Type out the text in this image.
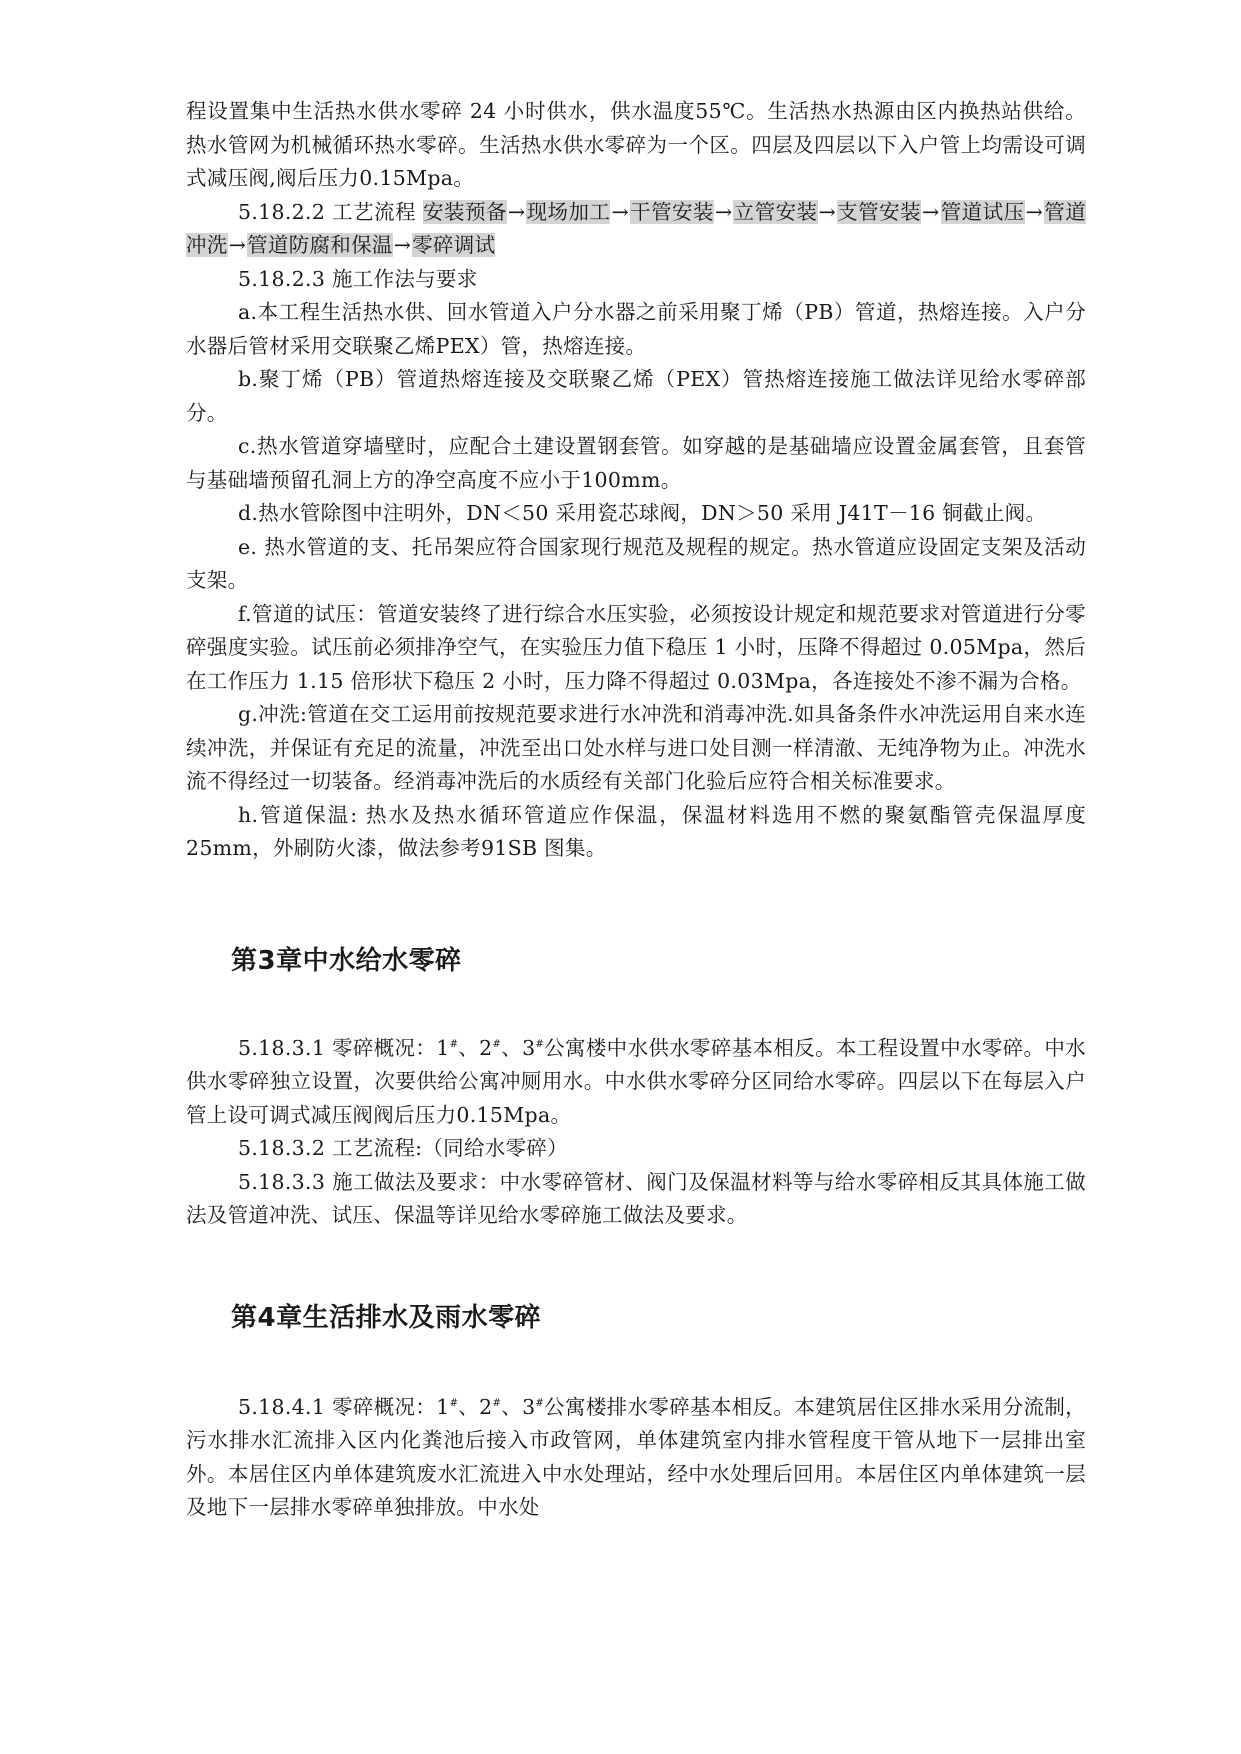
程设置集中生活热水供水零碎 24 小时供水，供水温度55℃。生活热水热源由区内换热站供给。热水管网为机械循环热水零碎。生活热水供水零碎为一个区。四层及四层以下入户管上均需设可调式减压阀,阀后压力0.15Mpa。

5.18.2.2 工艺流程 安装预备→现场加工→干管安装→立管安装→支管安装→管道试压→管道冲洗→管道防腐和保温→零碎调试

5.18.2.3 施工作法与要求

a.本工程生活热水供、回水管道入户分水器之前采用聚丁烯（PB）管道，热熔连接。入户分水器后管材采用交联聚乙烯PEX）管，热熔连接。

b.聚丁烯（PB）管道热熔连接及交联聚乙烯（PEX）管热熔连接施工做法详见给水零碎部分。

c.热水管道穿墙壁时，应配合土建设置钢套管。如穿越的是基础墙应设置金属套管，且套管与基础墙预留孔洞上方的净空高度不应小于100mm。

d.热水管除图中注明外，DN＜50 采用瓷芯球阀，DN＞50 采用 J41T－16 铜截止阀。

e. 热水管道的支、托吊架应符合国家现行规范及规程的规定。热水管道应设固定支架及活动支架。

f.管道的试压：管道安装终了进行综合水压实验，必须按设计规定和规范要求对管道进行分零碎强度实验。试压前必须排净空气，在实验压力值下稳压 1 小时，压降不得超过 0.05Mpa，然后在工作压力 1.15 倍形状下稳压 2 小时，压力降不得超过 0.03Mpa，各连接处不渗不漏为合格。

g.冲洗:管道在交工运用前按规范要求进行水冲洗和消毒冲洗.如具备条件水冲洗运用自来水连续冲洗，并保证有充足的流量，冲洗至出口处水样与进口处目测一样清澈、无纯净物为止。冲洗水流不得经过一切装备。经消毒冲洗后的水质经有关部门化验后应符合相关标准要求。

h.管道保温: 热水及热水循环管道应作保温，保温材料选用不燃的聚氨酯管壳保温厚度25mm，外刷防火漆，做法参考91SB 图集。

第3章中水给水零碎

5.18.3.1 零碎概况：1#、2#、3#公寓楼中水供水零碎基本相反。本工程设置中水零碎。中水供水零碎独立设置，次要供给公寓冲厕用水。中水供水零碎分区同给水零碎。四层以下在每层入户管上设可调式减压阀阀后压力0.15Mpa。

5.18.3.2 工艺流程:（同给水零碎）

5.18.3.3 施工做法及要求：中水零碎管材、阀门及保温材料等与给水零碎相反其具体施工做法及管道冲洗、试压、保温等详见给水零碎施工做法及要求。

第4章生活排水及雨水零碎

5.18.4.1 零碎概况：1#、2#、3#公寓楼排水零碎基本相反。本建筑居住区排水采用分流制，污水排水汇流排入区内化粪池后接入市政管网，单体建筑室内排水管程度干管从地下一层排出室外。本居住区内单体建筑废水汇流进入中水处理站，经中水处理后回用。本居住区内单体建筑一层及地下一层排水零碎单独排放。中水处
